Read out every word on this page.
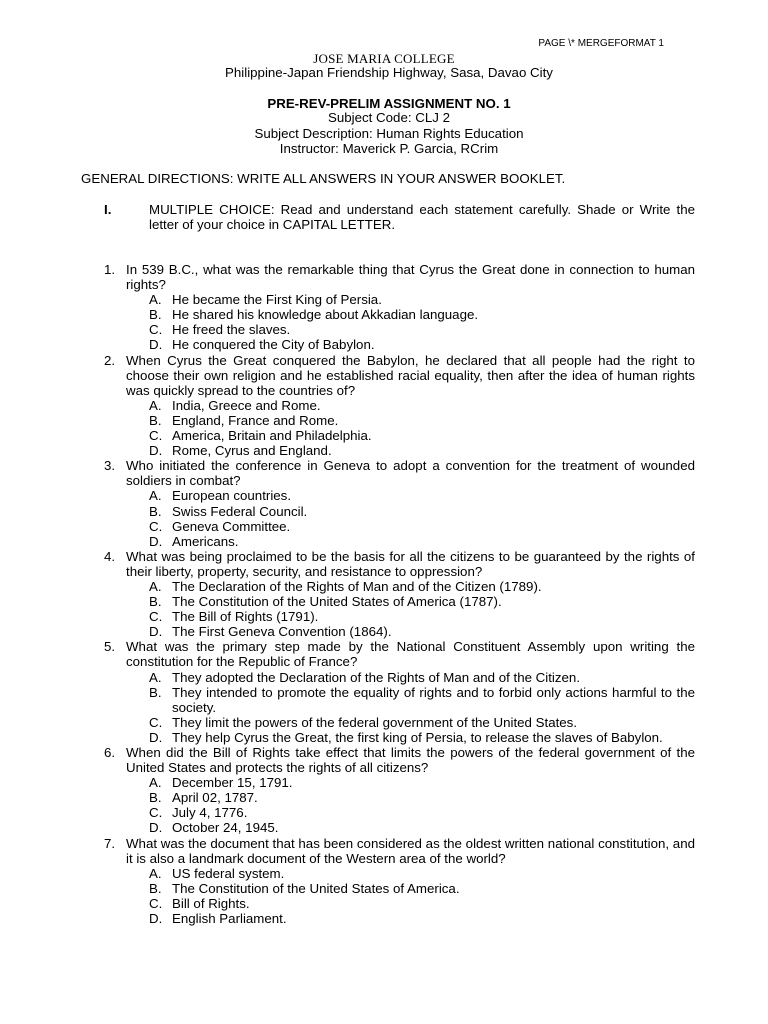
PAGE \* MERGEFORMAT 1
JOSE MARIA COLLEGE
Philippine-Japan Friendship Highway, Sasa, Davao City
PRE-REV-PRELIM ASSIGNMENT NO. 1
Subject Code: CLJ 2
Subject Description: Human Rights Education
Instructor: Maverick P. Garcia, RCrim
GENERAL DIRECTIONS: WRITE ALL ANSWERS IN YOUR ANSWER BOOKLET.
I.	MULTIPLE CHOICE: Read and understand each statement carefully. Shade or Write the letter of your choice in CAPITAL LETTER.
1. In 539 B.C., what was the remarkable thing that Cyrus the Great done in connection to human rights?
A. He became the First King of Persia.
B. He shared his knowledge about Akkadian language.
C. He freed the slaves.
D. He conquered the City of Babylon.
2. When Cyrus the Great conquered the Babylon, he declared that all people had the right to choose their own religion and he established racial equality, then after the idea of human rights was quickly spread to the countries of?
A. India, Greece and Rome.
B. England, France and Rome.
C. America, Britain and Philadelphia.
D. Rome, Cyrus and England.
3. Who initiated the conference in Geneva to adopt a convention for the treatment of wounded soldiers in combat?
A. European countries.
B. Swiss Federal Council.
C. Geneva Committee.
D. Americans.
4. What was being proclaimed to be the basis for all the citizens to be guaranteed by the rights of their liberty, property, security, and resistance to oppression?
A. The Declaration of the Rights of Man and of the Citizen (1789).
B. The Constitution of the United States of America (1787).
C. The Bill of Rights (1791).
D. The First Geneva Convention (1864).
5. What was the primary step made by the National Constituent Assembly upon writing the constitution for the Republic of France?
A. They adopted the Declaration of the Rights of Man and of the Citizen.
B. They intended to promote the equality of rights and to forbid only actions harmful to the society.
C. They limit the powers of the federal government of the United States.
D. They help Cyrus the Great, the first king of Persia, to release the slaves of Babylon.
6. When did the Bill of Rights take effect that limits the powers of the federal government of the United States and protects the rights of all citizens?
A. December 15, 1791.
B. April 02, 1787.
C. July 4, 1776.
D. October 24, 1945.
7. What was the document that has been considered as the oldest written national constitution, and it is also a landmark document of the Western area of the world?
A. US federal system.
B. The Constitution of the United States of America.
C. Bill of Rights.
D. English Parliament.
